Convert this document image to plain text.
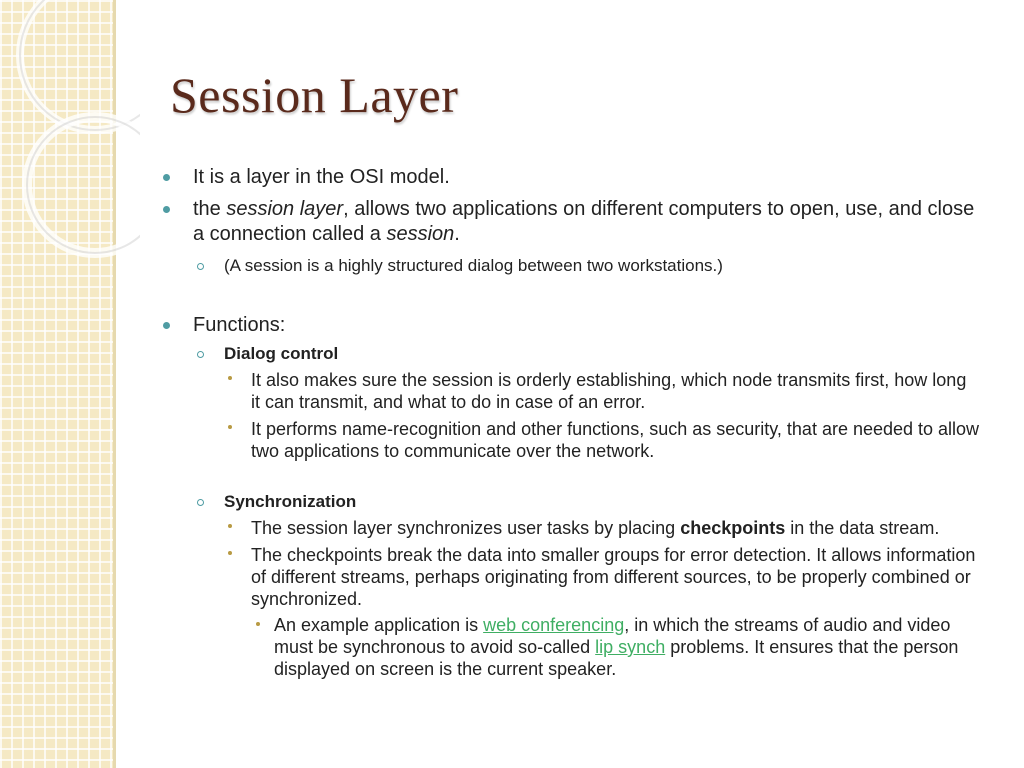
Session Layer
It is a layer in the OSI model.
the session layer, allows two applications on different computers to open, use, and close a connection called a session.
(A session is a highly structured dialog between two workstations.)
Functions:
Dialog control
It also makes sure the session is orderly establishing, which node transmits first, how long it can transmit, and what to do in case of an error.
It performs name-recognition and other functions, such as security, that are needed to allow two applications to communicate over the network.
Synchronization
The session layer synchronizes user tasks by placing checkpoints in the data stream.
The checkpoints break the data into smaller groups for error detection. It allows information of different streams, perhaps originating from different sources, to be properly combined or synchronized.
An example application is web conferencing, in which the streams of audio and video must be synchronous to avoid so-called lip synch problems. It ensures that the person displayed on screen is the current speaker.
